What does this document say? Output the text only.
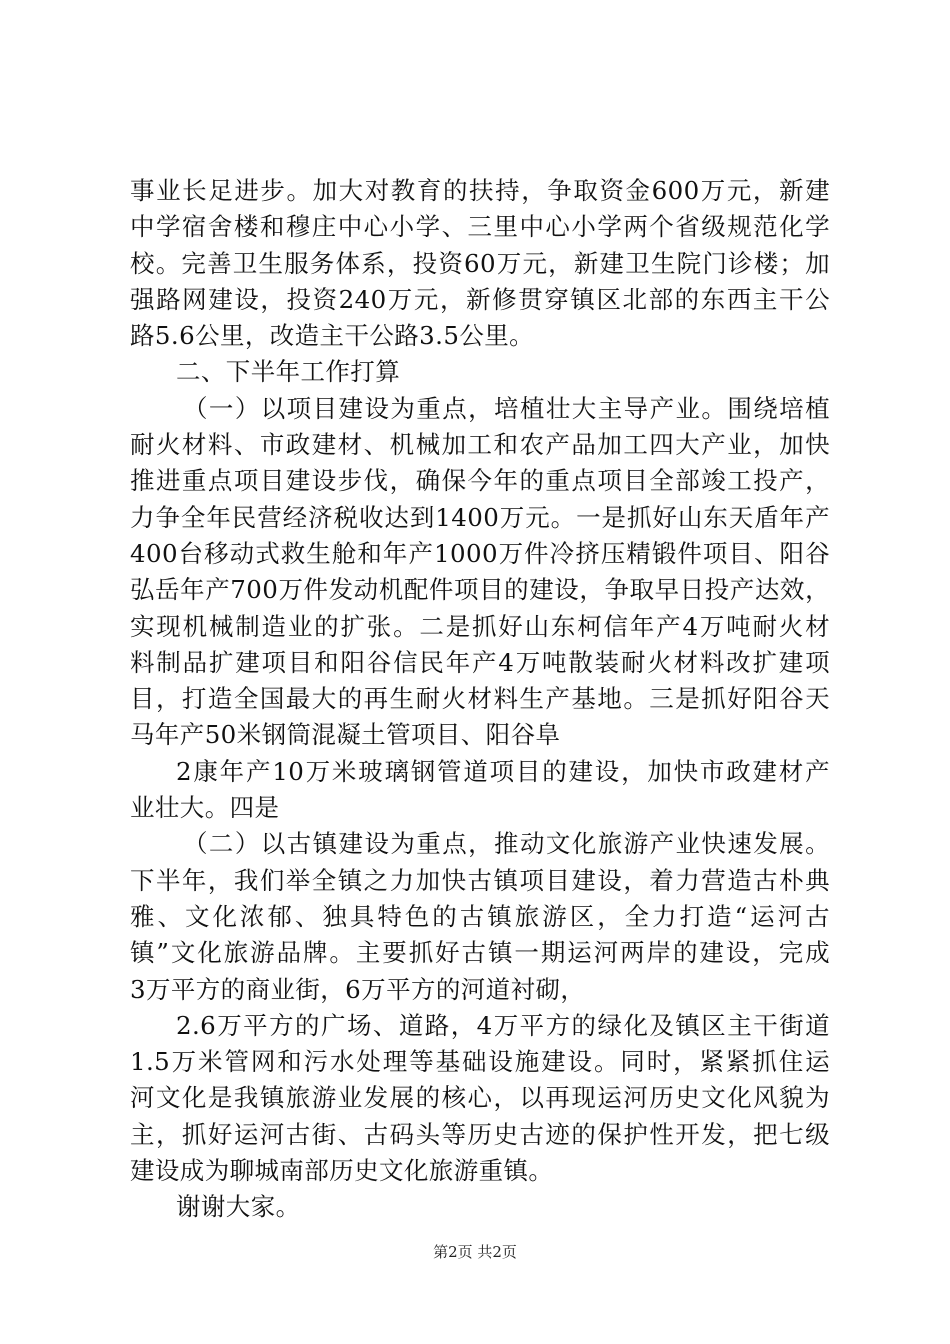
事业长足进步。加大对教育的扶持，争取资金600万元，新建
中学宿舍楼和穆庄中心小学、三里中心小学两个省级规范化学
校。完善卫生服务体系，投资60万元，新建卫生院门诊楼；加
强路网建设，投资240万元，新修贯穿镇区北部的东西主干公
路5.6公里，改造主干公路3.5公里。
二、下半年工作打算
（一）以项目建设为重点，培植壮大主导产业。围绕培植
耐火材料、市政建材、机械加工和农产品加工四大产业，加快
推进重点项目建设步伐，确保今年的重点项目全部竣工投产，
力争全年民营经济税收达到1400万元。一是抓好山东天盾年产
400台移动式救生舱和年产1000万件冷挤压精锻件项目、阳谷
弘岳年产700万件发动机配件项目的建设，争取早日投产达效，
实现机械制造业的扩张。二是抓好山东柯信年产4万吨耐火材
料制品扩建项目和阳谷信民年产4万吨散装耐火材料改扩建项
目，打造全国最大的再生耐火材料生产基地。三是抓好阳谷天
马年产50米钢筒混凝土管项目、阳谷阜
2康年产10万米玻璃钢管道项目的建设，加快市政建材产
业壮大。四是
（二）以古镇建设为重点，推动文化旅游产业快速发展。
下半年，我们举全镇之力加快古镇项目建设，着力营造古朴典
雅、文化浓郁、独具特色的古镇旅游区，全力打造“运河古
镇”文化旅游品牌。主要抓好古镇一期运河两岸的建设，完成
3万平方的商业街，6万平方的河道衬砌，
2.6万平方的广场、道路，4万平方的绿化及镇区主干街道
1.5万米管网和污水处理等基础设施建设。同时，紧紧抓住运
河文化是我镇旅游业发展的核心，以再现运河历史文化风貌为
主，抓好运河古街、古码头等历史古迹的保护性开发，把七级
建设成为聊城南部历史文化旅游重镇。
谢谢大家。
第2页 共2页
